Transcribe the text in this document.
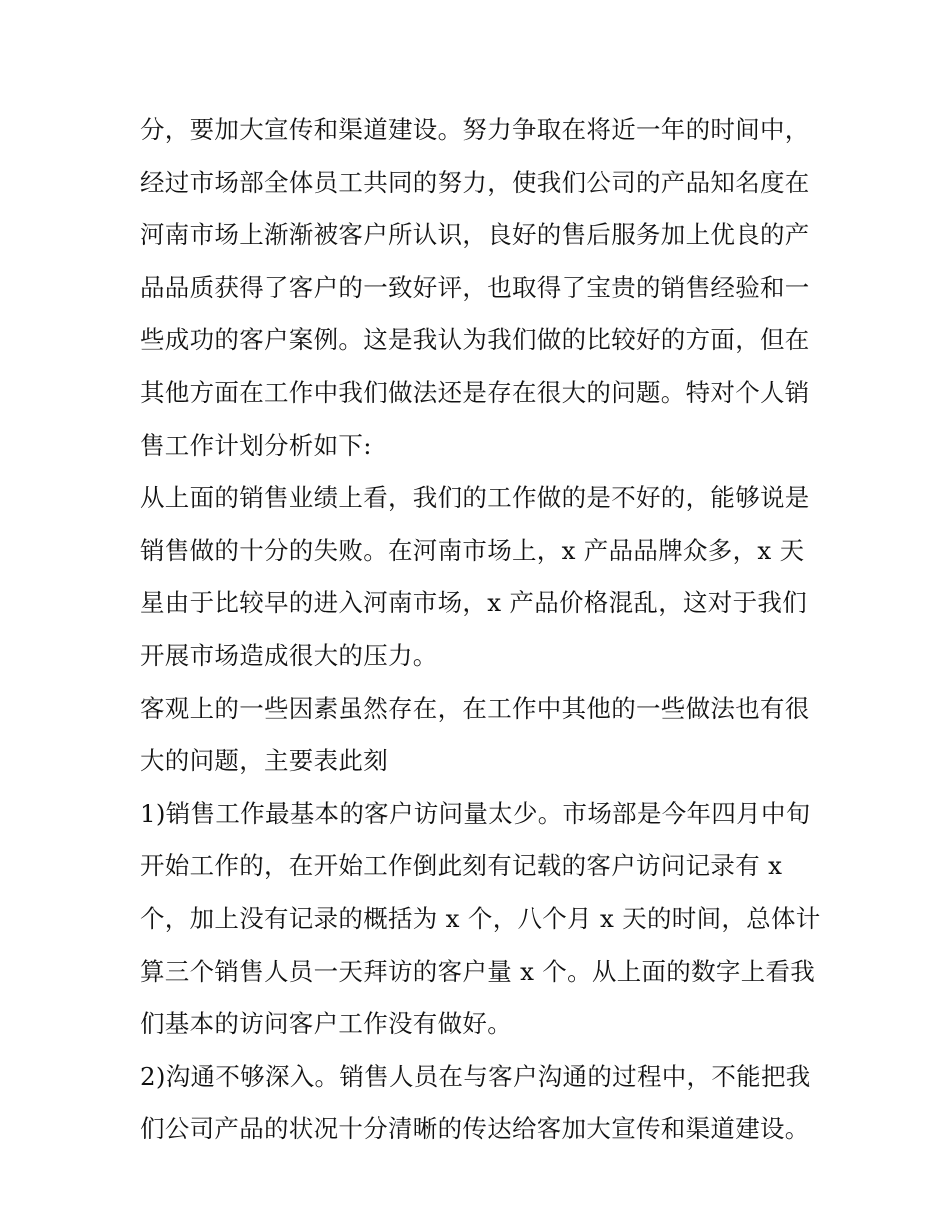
分，要加大宣传和渠道建设。努力争取在将近一年的时间中，
经过市场部全体员工共同的努力，使我们公司的产品知名度在
河南市场上渐渐被客户所认识，良好的售后服务加上优良的产
品品质获得了客户的一致好评，也取得了宝贵的销售经验和一
些成功的客户案例。这是我认为我们做的比较好的方面，但在
其他方面在工作中我们做法还是存在很大的问题。特对个人销
售工作计划分析如下:
从上面的销售业绩上看，我们的工作做的是不好的，能够说是
销售做的十分的失败。在河南市场上，x 产品品牌众多，x 天
星由于比较早的进入河南市场，x 产品价格混乱，这对于我们
开展市场造成很大的压力。
客观上的一些因素虽然存在，在工作中其他的一些做法也有很
大的问题，主要表此刻
1)销售工作最基本的客户访问量太少。市场部是今年四月中旬
开始工作的，在开始工作倒此刻有记载的客户访问记录有 x
个，加上没有记录的概括为 x 个，八个月 x 天的时间，总体计
算三个销售人员一天拜访的客户量 x 个。从上面的数字上看我
们基本的访问客户工作没有做好。
2)沟通不够深入。销售人员在与客户沟通的过程中，不能把我
们公司产品的状况十分清晰的传达给客加大宣传和渠道建设。
